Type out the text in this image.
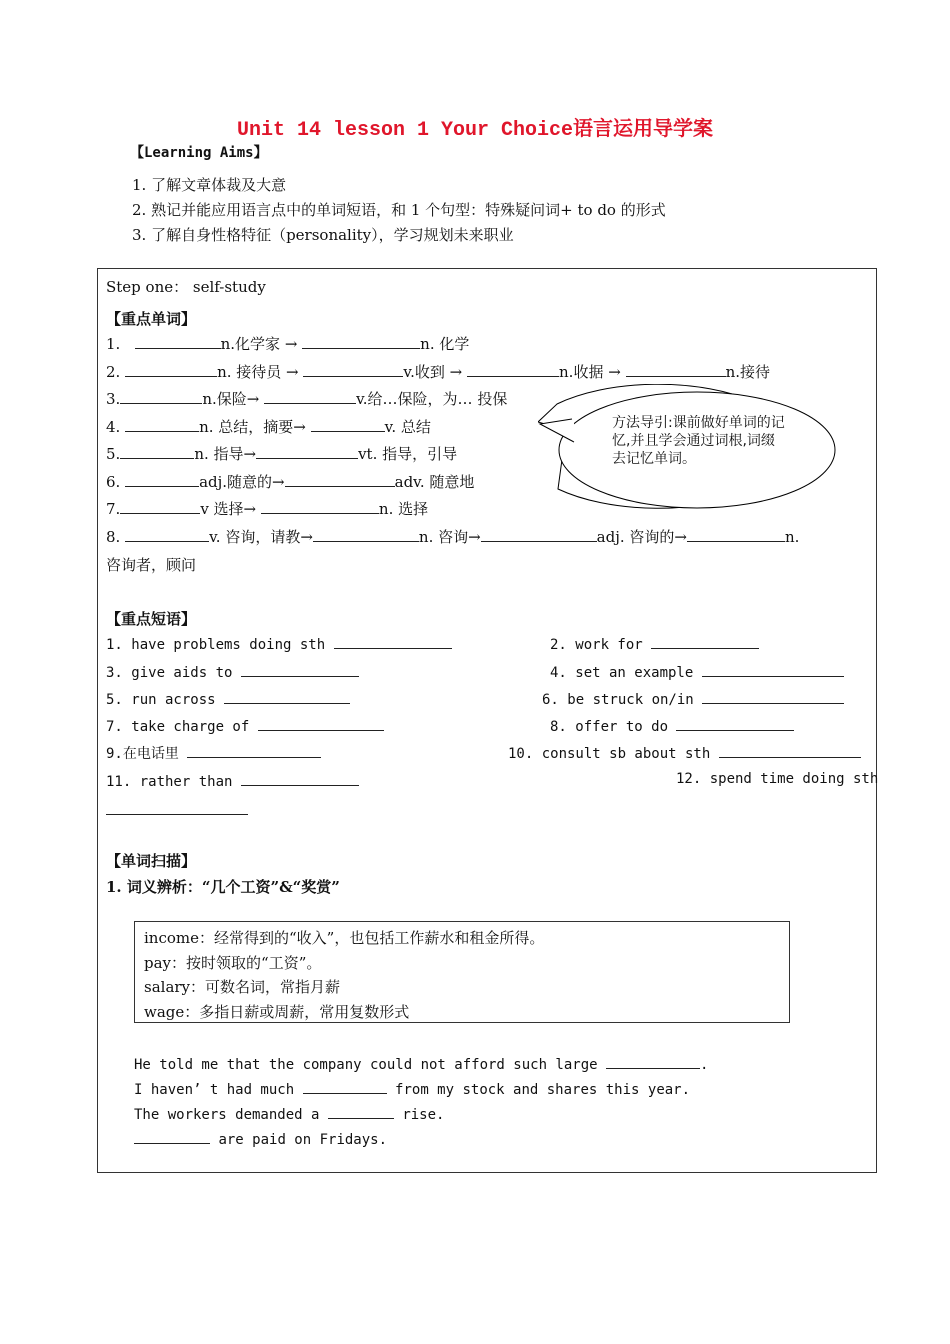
Unit 14 lesson 1 Your Choice语言运用导学案
【Learning Aims】
1. 了解文章体裁及大意
2. 熟记并能应用语言点中的单词短语，和 1 个句型：特殊疑问词+ to do 的形式
3. 了解自身性格特征（personality），学习规划未来职业
Step one： self-study
【重点单词】
1.	n.化学家 →	n. 化学
2.	n. 接待员 →	v.收到 →	n.收据 →	n.接待
3.	n.保险→	v.给…保险，为… 投保
4.	n. 总结，摘要→	v. 总结
5.	n. 指导→	vt. 指导，引导
6.	adj.随意的→	adv. 随意地
7.	v 选择→	n. 选择
8.	v. 咨询，请教→	n. 咨询→	adj. 咨询的→	n.
咨询者，顾问
方法导引:课前做好单词的记忆,并且学会通过词根,词缀去记忆单词。
【重点短语】
1. have problems doing sth	2. work for
3. give aids to	4. set an example
5. run across	6. be struck on/in
7. take charge of	8. offer to do
9.在电话里	10. consult sb about sth
11. rather than	12. spend time doing sth
【单词扫描】
1. 词义辨析：“几个工资”&“奖赏”
income：经常得到的“收入”，也包括工作薪水和租金所得。
pay：按时领取的“工资”。
salary：可数名词，常指月薪
wage：多指日薪或周薪，常用复数形式
He told me that the company could not afford such large	.
I haven’ t had much	from my stock and shares this year.
The workers demanded a	rise.
are paid on Fridays.
